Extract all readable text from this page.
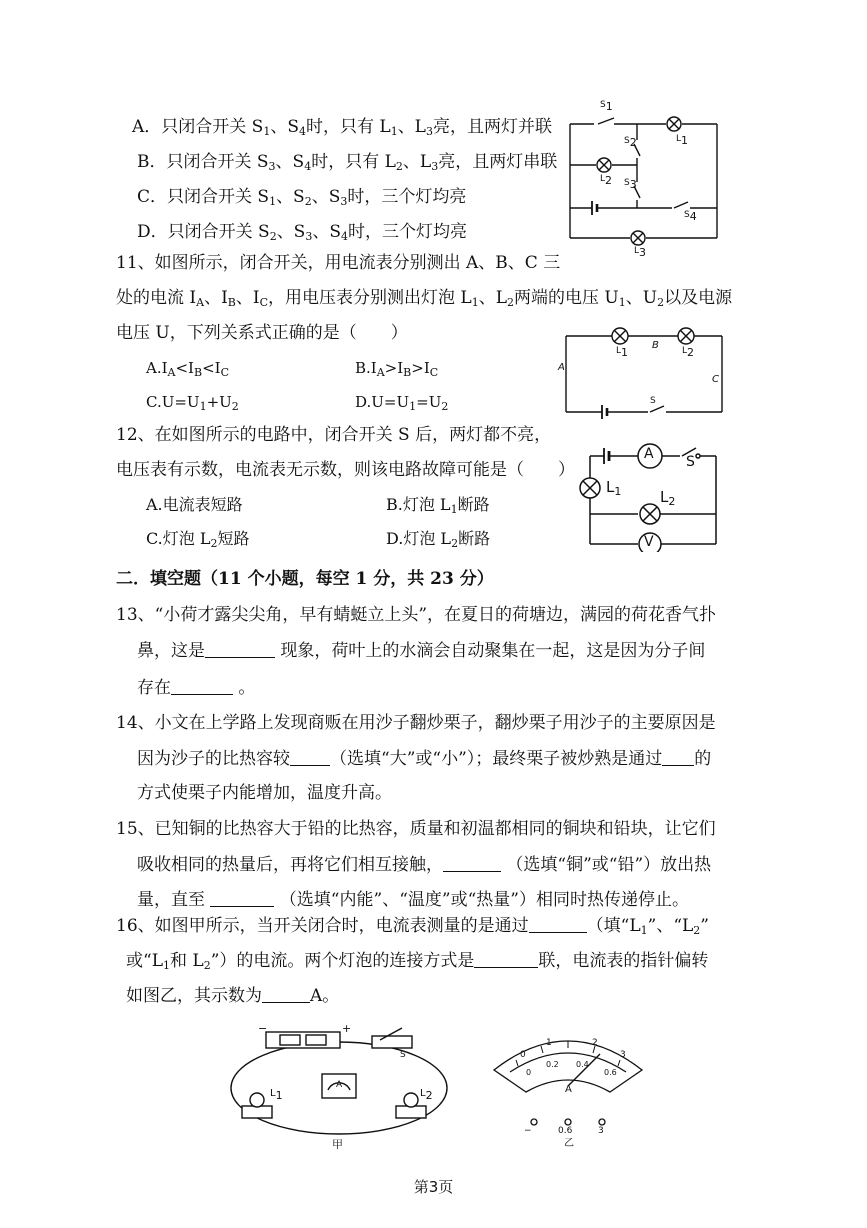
A．只闭合开关 $S_1$、$S_4$时，只有 $L_1$、$L_3$亮，且两灯并联
B．只闭合开关 $S_3$、$S_4$时，只有 $L_2$、$L_3$亮，且两灯串联
C．只闭合开关 $S_1$、$S_2$、$S_3$时，三个灯均亮
D．只闭合开关 $S_2$、$S_3$、$S_4$时，三个灯均亮
$S_1$
$S_2$
$S_3$
$S_4$
$L_1$
$L_2$
$L_3$
11、如图所示，闭合开关，用电流表分别测出 A、B、C 三
处的电流 $I_A$、$I_B$、$I_C$，用电压表分别测出灯泡 $L_1$、$L_2$两端的电压 $U_1$、$U_2$以及电源
电压 U，下列关系式正确的是（　　）
$A.I_A<I_B<I_C$	$B.I_A>I_B>I_C$
$C.U=U_1+U_2$	$D.U=U_1=U_2$
A
B
C
S
$L_1$	$L_2$
12、在如图所示的电路中，闭合开关 S 后，两灯都不亮，
电压表有示数，电流表无示数，则该电路故障可能是（　　）
A.电流表短路	B.灯泡 $L_1$断路
C.灯泡 $L_2$短路	D.灯泡 $L_2$断路
A
V
S
$L_1$	$L_2$
二．填空题（11 个小题，每空 1 分，共 23 分）
13、“小荷才露尖尖角，早有蜻蜓立上头”，在夏日的荷塘边，满园的荷花香气扑
鼻，这是	现象，荷叶上的水滴会自动聚集在一起，这是因为分子间
存在	。
14、小文在上学路上发现商贩在用沙子翻炒栗子，翻炒栗子用沙子的主要原因是
因为沙子的比热容较 （选填“大”或“小”）；最终栗子被炒熟是通过 的
方式使栗子内能增加，温度升高。
15、已知铜的比热容大于铅的比热容，质量和初温都相同的铜块和铅块，让它们
吸收相同的热量后，再将它们相互接触，	（选填“铜”或“铅”）放出热
量，直至	（选填“内能”、“温度”或“热量”）相同时热传递停止。
16、如图甲所示，当开关闭合时，电流表测量的是通过	（填“$L_1$”、“$L_2$”
或“$L_1$和 $L_2$”）的电流。两个灯泡的连接方式是	联，电流表的指针偏转
如图乙，其示数为	A。
−	+
S
A
$L_1$	$L_2$
甲
0
1	2
3
0
0.2 0.4
0.6
A
−	0.6	3
乙
第3页
